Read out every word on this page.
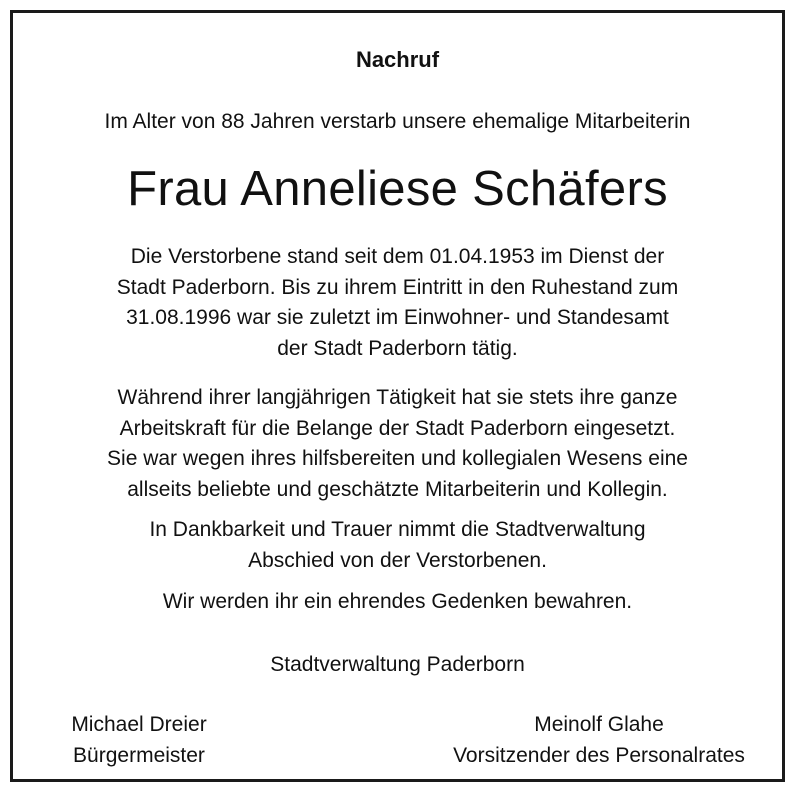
Nachruf
Im Alter von 88 Jahren verstarb unsere ehemalige Mitarbeiterin
Frau Anneliese Schäfers
Die Verstorbene stand seit dem 01.04.1953 im Dienst der
Stadt Paderborn. Bis zu ihrem Eintritt in den Ruhestand zum
31.08.1996 war sie zuletzt im Einwohner- und Standesamt
der Stadt Paderborn tätig.
Während ihrer langjährigen Tätigkeit hat sie stets ihre ganze
Arbeitskraft für die Belange der Stadt Paderborn eingesetzt.
Sie war wegen ihres hilfsbereiten und kollegialen Wesens eine
allseits beliebte und geschätzte Mitarbeiterin und Kollegin.
In Dankbarkeit und Trauer nimmt die Stadtverwaltung
Abschied von der Verstorbenen.
Wir werden ihr ein ehrendes Gedenken bewahren.
Stadtverwaltung Paderborn
Michael Dreier
Bürgermeister
Meinolf Glahe
Vorsitzender des Personalrates
